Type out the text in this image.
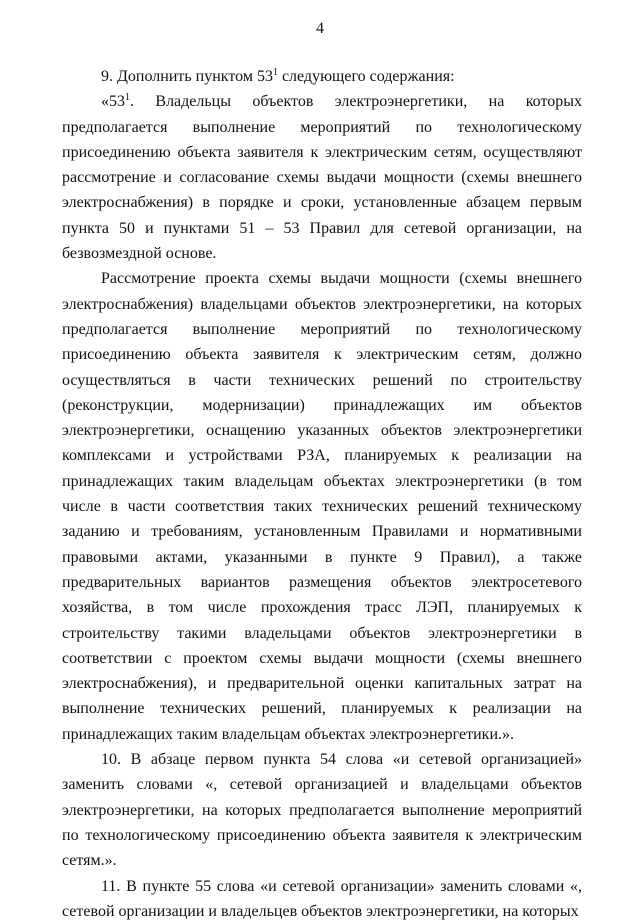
4

9. Дополнить пунктом $53^1$ следующего содержания:

«$53^1$. Владельцы объектов электроэнергетики, на которых предполагается выполнение мероприятий по технологическому присоединению объекта заявителя к электрическим сетям, осуществляют рассмотрение и согласование схемы выдачи мощности (схемы внешнего электроснабжения) в порядке и сроки, установленные абзацем первым пункта 50 и пунктами 51 – 53 Правил для сетевой организации, на безвозмездной основе.

Рассмотрение проекта схемы выдачи мощности (схемы внешнего электроснабжения) владельцами объектов электроэнергетики, на которых предполагается выполнение мероприятий по технологическому присоединению объекта заявителя к электрическим сетям, должно осуществляться в части технических решений по строительству (реконструкции, модернизации) принадлежащих им объектов электроэнергетики, оснащению указанных объектов электроэнергетики комплексами и устройствами РЗА, планируемых к реализации на принадлежащих таким владельцам объектах электроэнергетики (в том числе в части соответствия таких технических решений техническому заданию и требованиям, установленным Правилами и нормативными правовыми актами, указанными в пункте 9 Правил), а также предварительных вариантов размещения объектов электросетевого хозяйства, в том числе прохождения трасс ЛЭП, планируемых к строительству такими владельцами объектов электроэнергетики в соответствии с проектом схемы выдачи мощности (схемы внешнего электроснабжения), и предварительной оценки капитальных затрат на выполнение технических решений, планируемых к реализации на принадлежащих таким владельцам объектах электроэнергетики.».

10. В абзаце первом пункта 54 слова «и сетевой организацией» заменить словами «, сетевой организацией и владельцами объектов электроэнергетики, на которых предполагается выполнение мероприятий по технологическому присоединению объекта заявителя к электрическим сетям.».

11. В пункте 55 слова «и сетевой организации» заменить словами «, сетевой организации и владельцев объектов электроэнергетики, на которых
